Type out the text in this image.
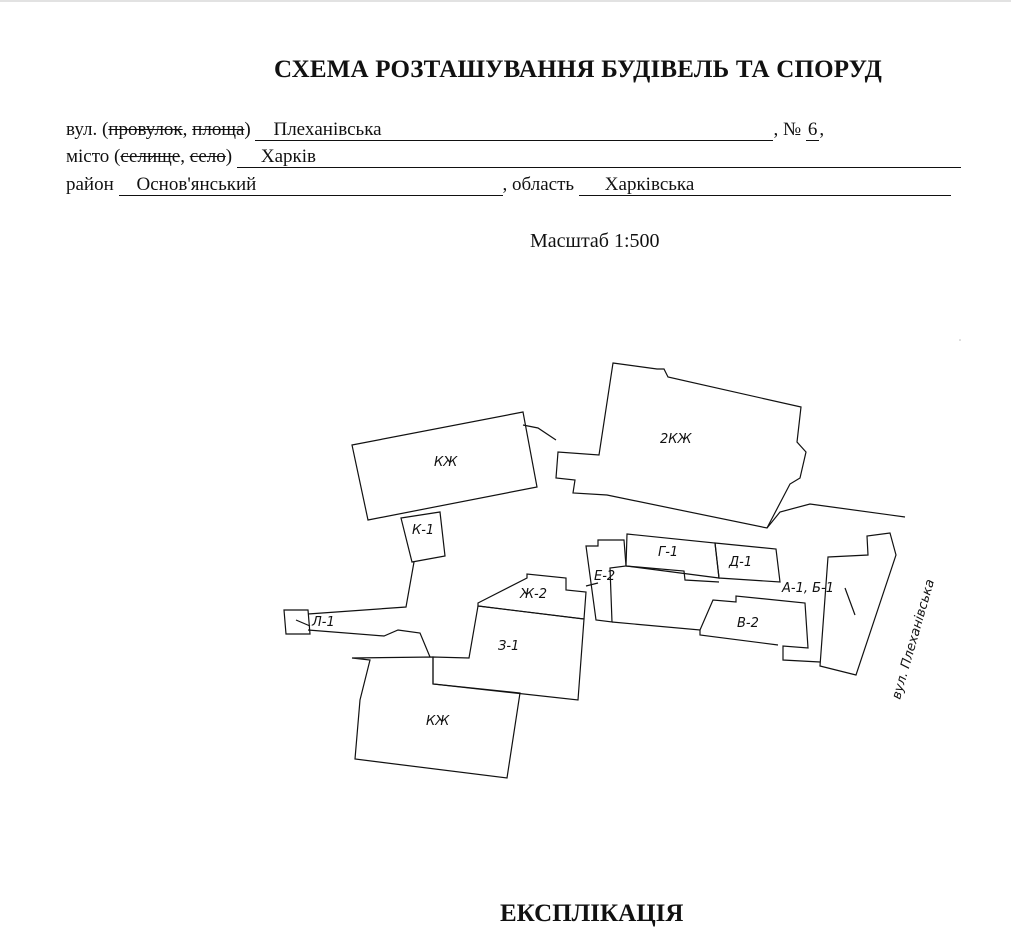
СХЕМА РОЗТАШУВАННЯ БУДІВЕЛЬ ТА СПОРУД
вул. (провулок, площа) Плехaнівська	, № 6 ,
місто (селище, село) Харків
район Основ'янський	, область Харківська
Масштаб 1:500
КЖ
2КЖ
К-1
Г-1
Д-1
Е-2
Ж-2
З-1
Л-1
А-1, Б-1
В-2
КЖ
вул. Плехaнівська
ЕКСПЛІКАЦІЯ
